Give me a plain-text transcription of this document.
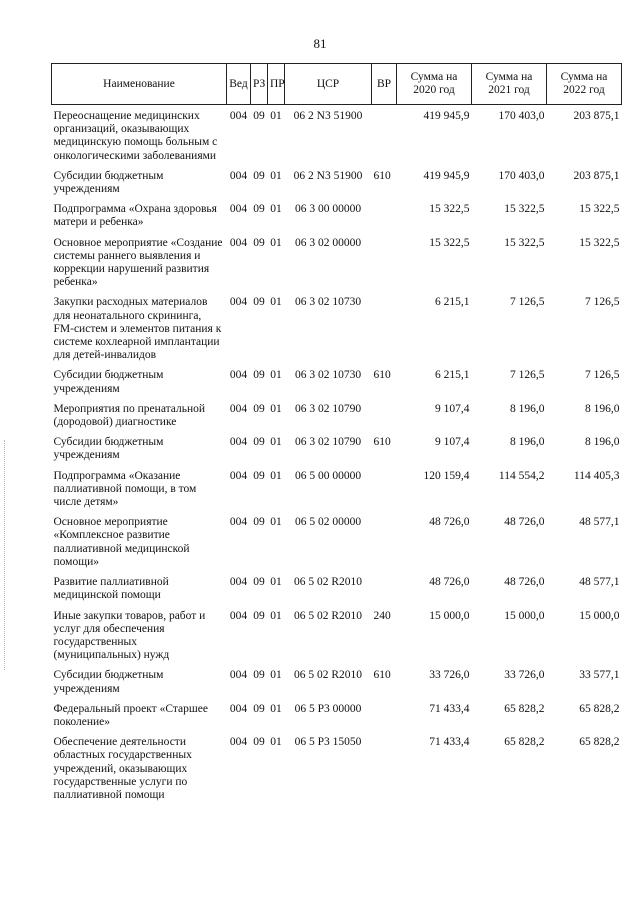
81
Наименование	Вед	РЗ	ПР	ЦСР	ВР	Сумма на 2020 год	Сумма на 2021 год	Сумма на 2022 год
Переоснащение медицинских организаций, оказывающих медицинскую помощь больным с онкологическими заболеваниями	004	09	01	06 2 N3 51900		419 945,9	170 403,0	203 875,1
Субсидии бюджетным учреждениям	004	09	01	06 2 N3 51900	610	419 945,9	170 403,0	203 875,1
Подпрограмма «Охрана здоровья матери и ребенка»	004	09	01	06 3 00 00000		15 322,5	15 322,5	15 322,5
Основное мероприятие «Создание системы раннего выявления и коррекции нарушений развития ребенка»	004	09	01	06 3 02 00000		15 322,5	15 322,5	15 322,5
Закупки расходных материалов для неонатального скрининга, FM-систем и элементов питания к системе кохлеарной имплантации для детей-инвалидов	004	09	01	06 3 02 10730		6 215,1	7 126,5	7 126,5
Субсидии бюджетным учреждениям	004	09	01	06 3 02 10730	610	6 215,1	7 126,5	7 126,5
Мероприятия по пренатальной (дородовой) диагностике	004	09	01	06 3 02 10790		9 107,4	8 196,0	8 196,0
Субсидии бюджетным учреждениям	004	09	01	06 3 02 10790	610	9 107,4	8 196,0	8 196,0
Подпрограмма «Оказание паллиативной помощи, в том числе детям»	004	09	01	06 5 00 00000		120 159,4	114 554,2	114 405,3
Основное мероприятие «Комплексное развитие паллиативной медицинской помощи»	004	09	01	06 5 02 00000		48 726,0	48 726,0	48 577,1
Развитие паллиативной медицинской помощи	004	09	01	06 5 02 R2010		48 726,0	48 726,0	48 577,1
Иные закупки товаров, работ и услуг для обеспечения государственных (муниципальных) нужд	004	09	01	06 5 02 R2010	240	15 000,0	15 000,0	15 000,0
Субсидии бюджетным учреждениям	004	09	01	06 5 02 R2010	610	33 726,0	33 726,0	33 577,1
Федеральный проект «Старшее поколение»	004	09	01	06 5 P3 00000		71 433,4	65 828,2	65 828,2
Обеспечение деятельности областных государственных учреждений, оказывающих государственные услуги по паллиативной помощи	004	09	01	06 5 P3 15050		71 433,4	65 828,2	65 828,2
